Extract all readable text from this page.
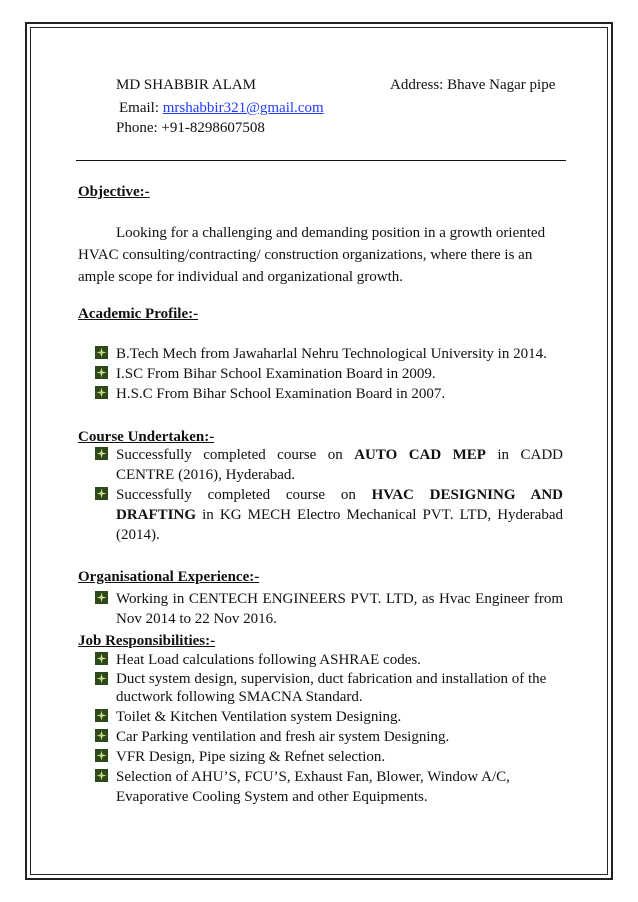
MD SHABBIR ALAM	Address: Bhave Nagar pipe
Email: mrshabbir321@gmail.com
Phone: +91-8298607508
Objective:-
Looking for a challenging and demanding position in a growth oriented HVAC consulting/contracting/ construction organizations, where there is an ample scope for individual and organizational growth.
Academic Profile:-
B.Tech Mech from Jawaharlal Nehru Technological University in 2014.
I.SC From Bihar School Examination Board in 2009.
H.S.C From Bihar School Examination Board in 2007.
Course Undertaken:-
Successfully completed course on AUTO CAD MEP in CADD CENTRE (2016), Hyderabad.
Successfully completed course on HVAC DESIGNING AND DRAFTING in KG MECH Electro Mechanical PVT. LTD, Hyderabad (2014).
Organisational Experience:-
Working in CENTECH ENGINEERS PVT. LTD, as Hvac Engineer from Nov 2014 to 22 Nov 2016.
Job Responsibilities:-
Heat Load calculations following ASHRAE codes.
Duct system design, supervision, duct fabrication and installation of the ductwork following SMACNA Standard.
Toilet & Kitchen Ventilation system Designing.
Car Parking ventilation and fresh air system Designing.
VFR Design, Pipe sizing & Refnet selection.
Selection of AHU’S, FCU’S, Exhaust Fan, Blower, Window A/C, Evaporative Cooling System and other Equipments.
